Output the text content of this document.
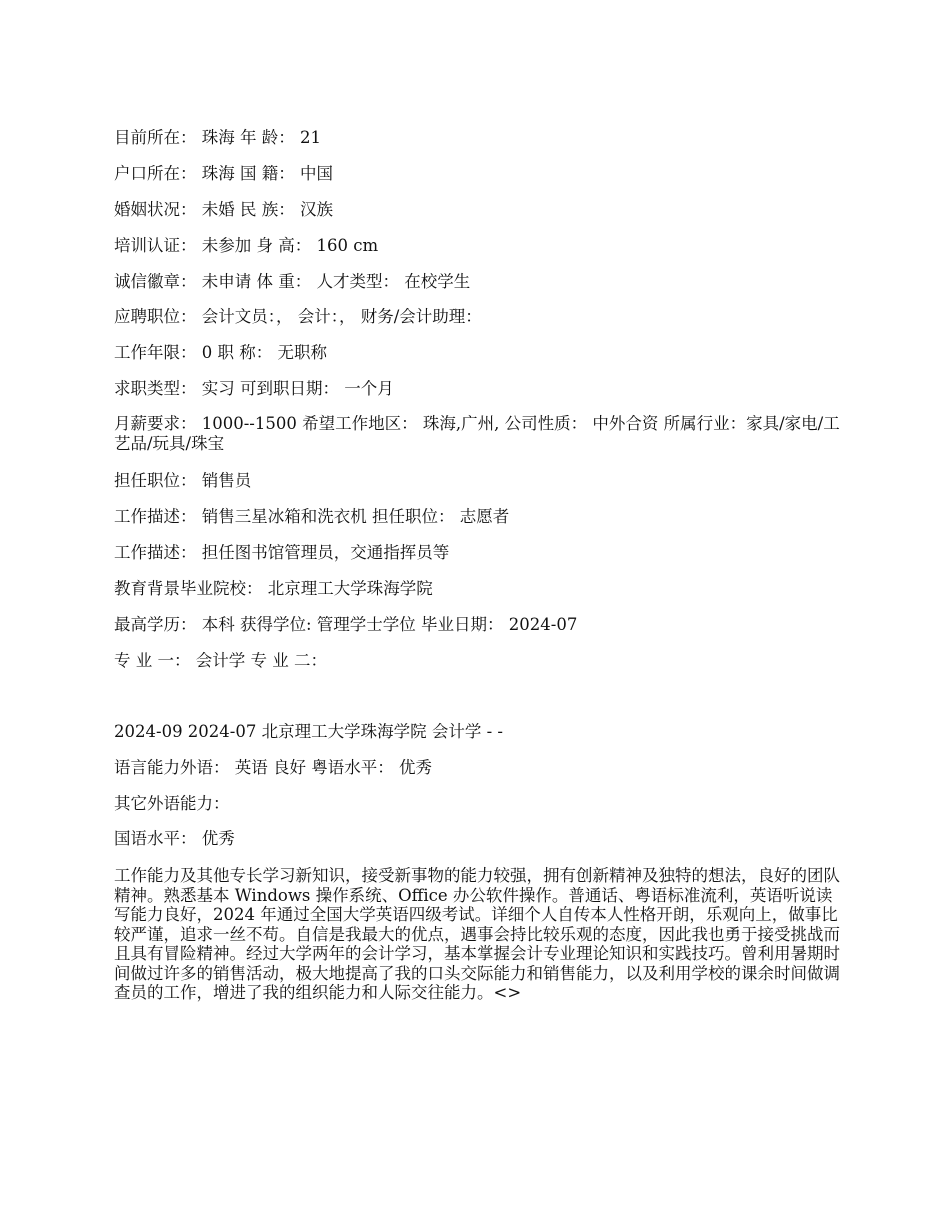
目前所在： 珠海 年 龄： 21
户口所在： 珠海 国 籍： 中国
婚姻状况： 未婚 民 族： 汉族
培训认证： 未参加 身 高： 160 cm
诚信徽章： 未申请 体 重： 人才类型： 在校学生
应聘职位： 会计文员：， 会计：， 财务/会计助理：
工作年限： 0 职 称： 无职称
求职类型： 实习 可到职日期： 一个月
月薪要求： 1000--1500 希望工作地区： 珠海,广州, 公司性质： 中外合资 所属行业：家具/家电/工艺品/玩具/珠宝
担任职位： 销售员
工作描述： 销售三星冰箱和洗衣机 担任职位： 志愿者
工作描述： 担任图书馆管理员，交通指挥员等
教育背景毕业院校： 北京理工大学珠海学院
最高学历： 本科 获得学位: 管理学士学位 毕业日期： 2024-07
专 业 一： 会计学 专 业 二：
2024-09 2024-07 北京理工大学珠海学院 会计学 - -
语言能力外语： 英语 良好 粤语水平： 优秀
其它外语能力：
国语水平： 优秀
工作能力及其他专长学习新知识，接受新事物的能力较强，拥有创新精神及独特的想法，良好的团队精神。熟悉基本 Windows 操作系统、Office 办公软件操作。普通话、粤语标准流利，英语听说读写能力良好，2024 年通过全国大学英语四级考试。详细个人自传本人性格开朗，乐观向上，做事比较严谨，追求一丝不苟。自信是我最大的优点，遇事会持比较乐观的态度，因此我也勇于接受挑战而且具有冒险精神。经过大学两年的会计学习，基本掌握会计专业理论知识和实践技巧。曾利用暑期时间做过许多的销售活动，极大地提高了我的口头交际能力和销售能力，以及利用学校的课余时间做调查员的工作，增进了我的组织能力和人际交往能力。<>
